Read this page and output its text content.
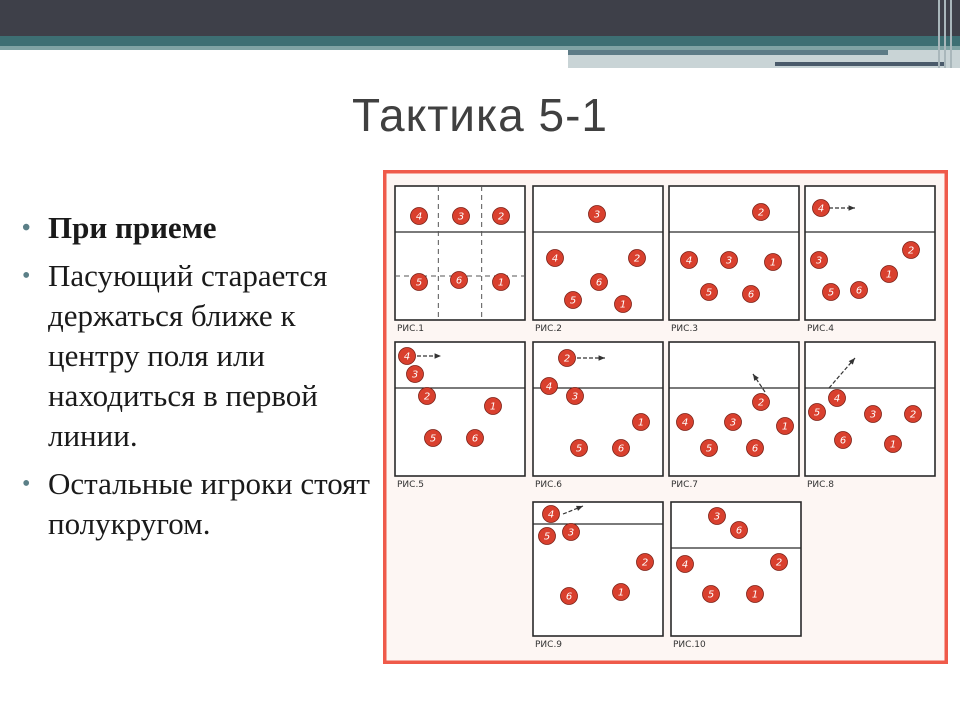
Тактика 5-1
• При приеме
• Пасующий старается держаться ближе к центру поля или находиться в первой линии.
• Остальные игроки стоят полукругом.
4	3	2
5	6	1
РИС.1
3
4	2
6
5	1
РИС.2
2
4	3	1
5	6
РИС.3
4
2
3
1
5 6
РИС.4
4
3
2
1
5	6
РИС.5
2
4
3
1
5	6
РИС.6
2
4	3	1
5	6
РИС.7
5
4
3	2
6	1
РИС.8
4
5 3
2
6	1
РИС.9
3
6
4	2
5	1
РИС.10
